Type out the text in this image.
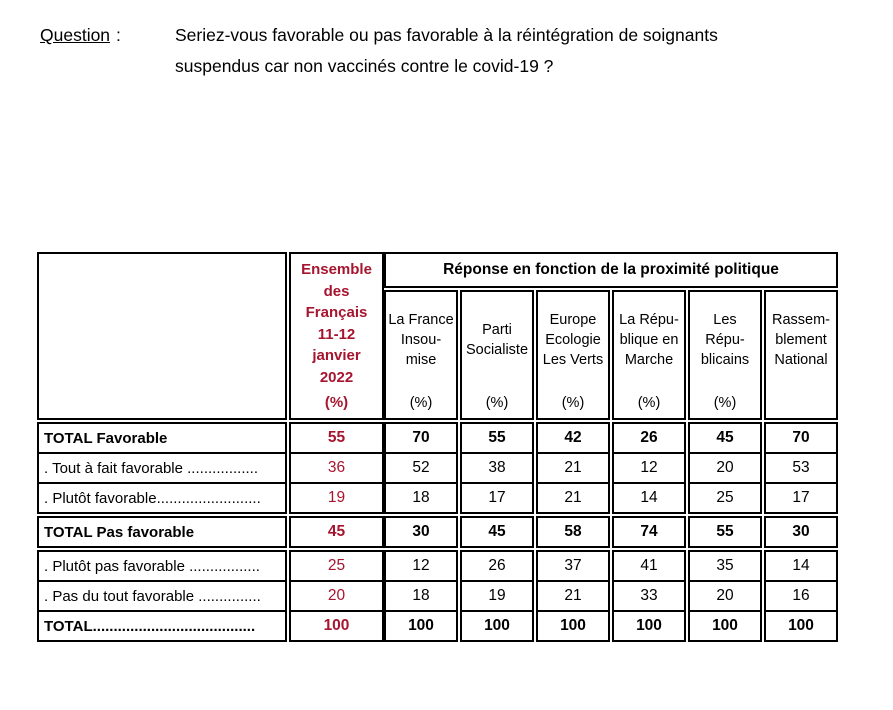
Question :	Seriez-vous favorable ou pas favorable à la réintégration de soignants
suspendus car non vaccinés contre le covid-19 ?
TOTAL Favorable
. Tout à fait favorable .................
. Plutôt favorable.........................
TOTAL Pas favorable
. Plutôt pas favorable .................
. Pas du tout favorable ...............
TOTAL.......................................
Ensemble
des
Français
11-12
janvier
2022
(%)
55
36
19
45
25
20
100
Réponse en fonction de la proximité politique
La France
Insou-
mise
(%)
70
52
18
30
12
18
100
Parti
Socialiste
(%)
55
38
17
45
26
19
100
Europe
Ecologie
Les Verts
(%)
42
21
21
58
37
21
100
La Répu-
blique en
Marche
(%)
26
12
14
74
41
33
100
Les
Répu-
blicains
(%)
45
20
25
55
35
20
100
Rassem-
blement
National
70
53
17
30
14
16
100
